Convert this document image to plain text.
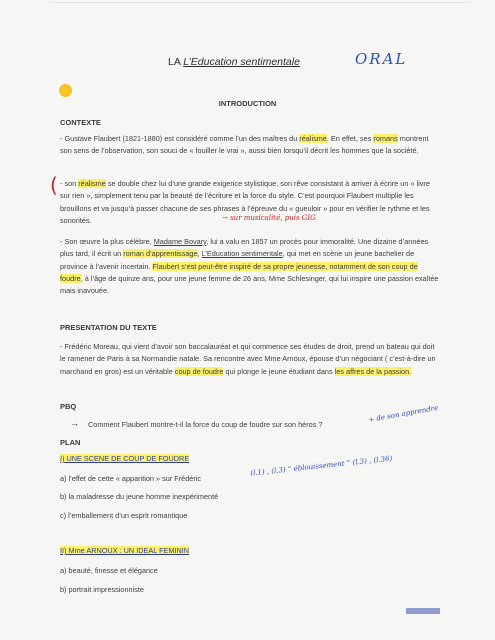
LA L’Education sentimentale	ORAL
INTRODUCTION
CONTEXTE
- Gustave Flaubert (1821-1880) est considéré comme l’un des maîtres du réalisme. En effet, ses romans montrent son sens de l’observation, son souci de « fouiller le vrai », aussi bien lorsqu’il décrit les hommes que la société.
( - son réalisme se double chez lui d’une grande exigence stylistique, son rêve consistant à arriver à écrire un « livre sur rien », simplement tenu par la beauté de l’écriture et la force du style. C’est pourquoi Flaubert multiplie les brouillons et va jusqu’à passer chacune de ses phrases à l’épreuve du « gueuloir » pour en vérifier le rythme et les sonorités.	→ sur musicalité, puis GIG
- Son œuvre la plus célèbre, Madame Bovary, lui a valu en 1857 un procès pour immoralité. Une dizaine d’années plus tard, il écrit un roman d’apprentissage, L’Education sentimentale, qui met en scène un jeune bachelier de province à l’avenir incertain. Flaubert s’est peut-être inspiré de sa propre jeunesse, notamment de son coup de foudre, à l’âge de quinze ans, pour une jeune femme de 26 ans, Mme Schlesinger, qui lui inspire une passion exaltée mais inavouée.
PRESENTATION DU TEXTE
- Frédéric Moreau, qui vient d’avoir son baccalauréat et qui commence ses études de droit, prend un bateau qui doit le ramener de Paris à sa Normandie natale. Sa rencontre avec Mme Arnoux, épouse d’un négociant ( c’est-à-dire un marchand en gros) est un véritable coup de foudre qui plonge le jeune étudiant dans les affres de la passion.
PBQ
→ Comment Flaubert montre-t-il la force du coup de foudre sur son héros ?
+ de son apprendre
PLAN
I) UNE SCENE DE COUP DE FOUDRE	(l.1) , (l.3) “ éblouissement ” (l.3) , (l.36)
a) l’effet de cette « apparition » sur Frédéric
b) la maladresse du jeune homme inexpérimenté
c) l’emballement d’un esprit romantique
II) Mme ARNOUX : UN IDEAL FEMININ
a) beauté, finesse et élégance
b) portrait impressionniste
